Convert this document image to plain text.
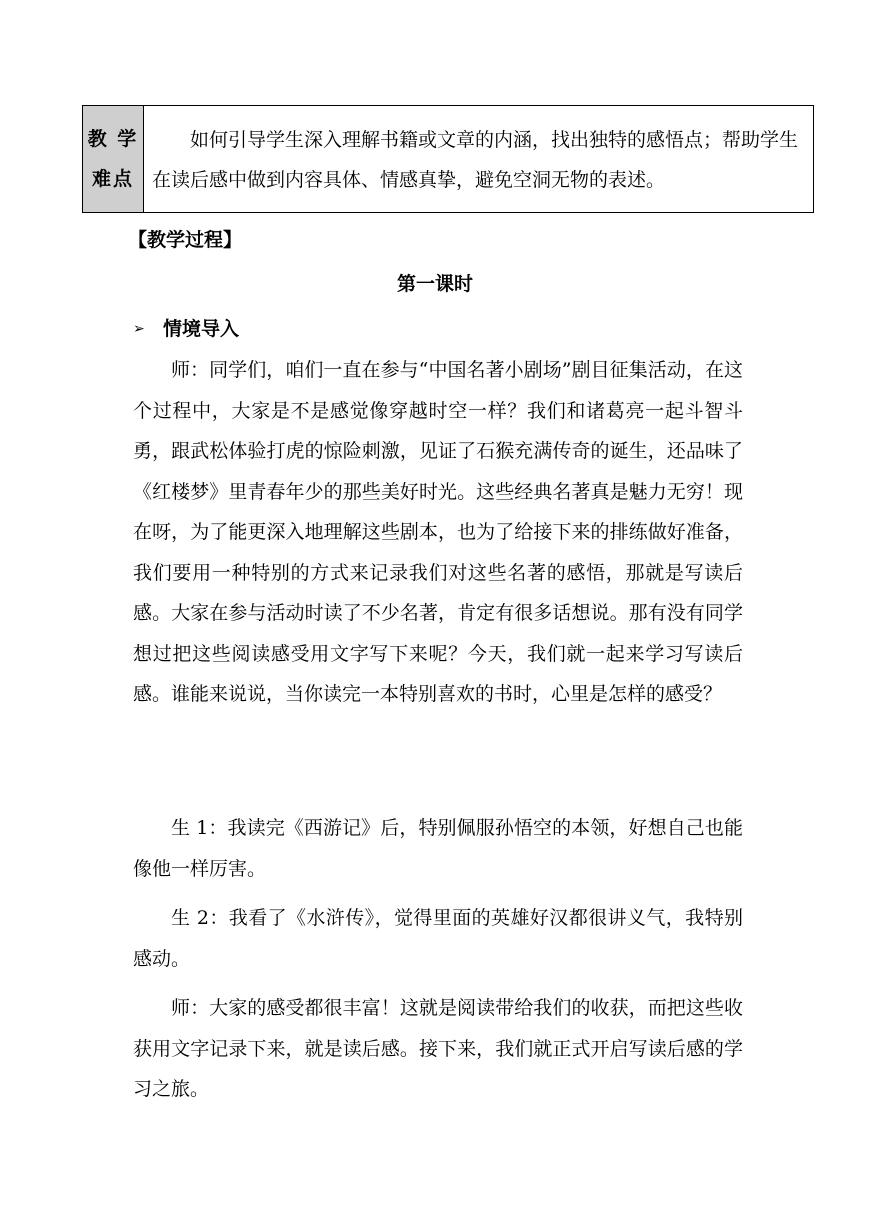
教 学
难点
如何引导学生深入理解书籍或文章的内涵，找出独特的感悟点；帮助学生在读后感中做到内容具体、情感真挚，避免空洞无物的表述。
【教学过程】
第一课时
➢ 情境导入

师：同学们，咱们一直在参与“中国名著小剧场”剧目征集活动，在这个过程中，大家是不是感觉像穿越时空一样？我们和诸葛亮一起斗智斗勇，跟武松体验打虎的惊险刺激，见证了石猴充满传奇的诞生，还品味了《红楼梦》里青春年少的那些美好时光。这些经典名著真是魅力无穷！现在呀，为了能更深入地理解这些剧本，也为了给接下来的排练做好准备，我们要用一种特别的方式来记录我们对这些名著的感悟，那就是写读后感。大家在参与活动时读了不少名著，肯定有很多话想说。那有没有同学想过把这些阅读感受用文字写下来呢？今天，我们就一起来学习写读后感。谁能来说说，当你读完一本特别喜欢的书时，心里是怎样的感受？

生 1：我读完《西游记》后，特别佩服孙悟空的本领，好想自己也能像他一样厉害。

生 2：我看了《水浒传》，觉得里面的英雄好汉都很讲义气，我特别感动。

师：大家的感受都很丰富！这就是阅读带给我们的收获，而把这些收获用文字记录下来，就是读后感。接下来，我们就正式开启写读后感的学习之旅。
